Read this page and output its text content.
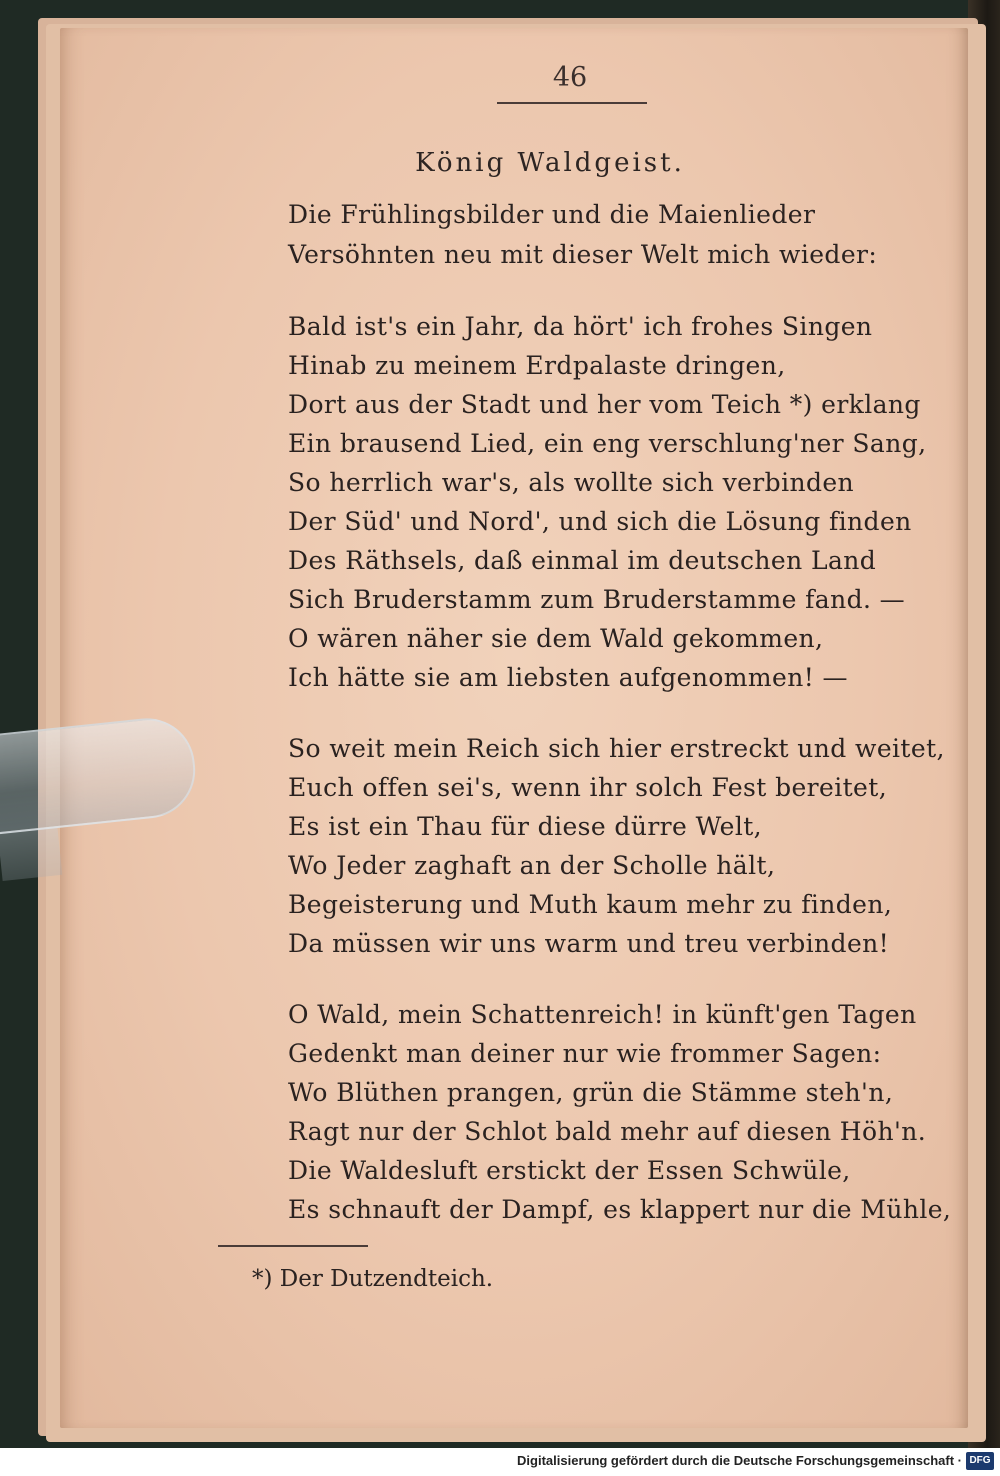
46
König Waldgeist.
Die Frühlingsbilder und die Maienlieder
Versöhnten neu mit dieser Welt mich wieder:
Bald ist's ein Jahr, da hört' ich frohes Singen
Hinab zu meinem Erdpalaste dringen,
Dort aus der Stadt und her vom Teich *) erklang
Ein brausend Lied, ein eng verschlung'ner Sang,
So herrlich war's, als wollte sich verbinden
Der Süd' und Nord', und sich die Lösung finden
Des Räthsels, daß einmal im deutschen Land
Sich Bruderstamm zum Bruderstamme fand. —
O wären näher sie dem Wald gekommen,
Ich hätte sie am liebsten aufgenommen! —
So weit mein Reich sich hier erstreckt und weitet,
Euch offen sei's, wenn ihr solch Fest bereitet,
Es ist ein Thau für diese dürre Welt,
Wo Jeder zaghaft an der Scholle hält,
Begeisterung und Muth kaum mehr zu finden,
Da müssen wir uns warm und treu verbinden!
O Wald, mein Schattenreich! in künft'gen Tagen
Gedenkt man deiner nur wie frommer Sagen:
Wo Blüthen prangen, grün die Stämme steh'n,
Ragt nur der Schlot bald mehr auf diesen Höh'n.
Die Waldesluft erstickt der Essen Schwüle,
Es schnauft der Dampf, es klappert nur die Mühle,
*) Der Dutzendteich.
Digitalisierung gefördert durch die Deutsche Forschungsgemeinschaft · DFG
